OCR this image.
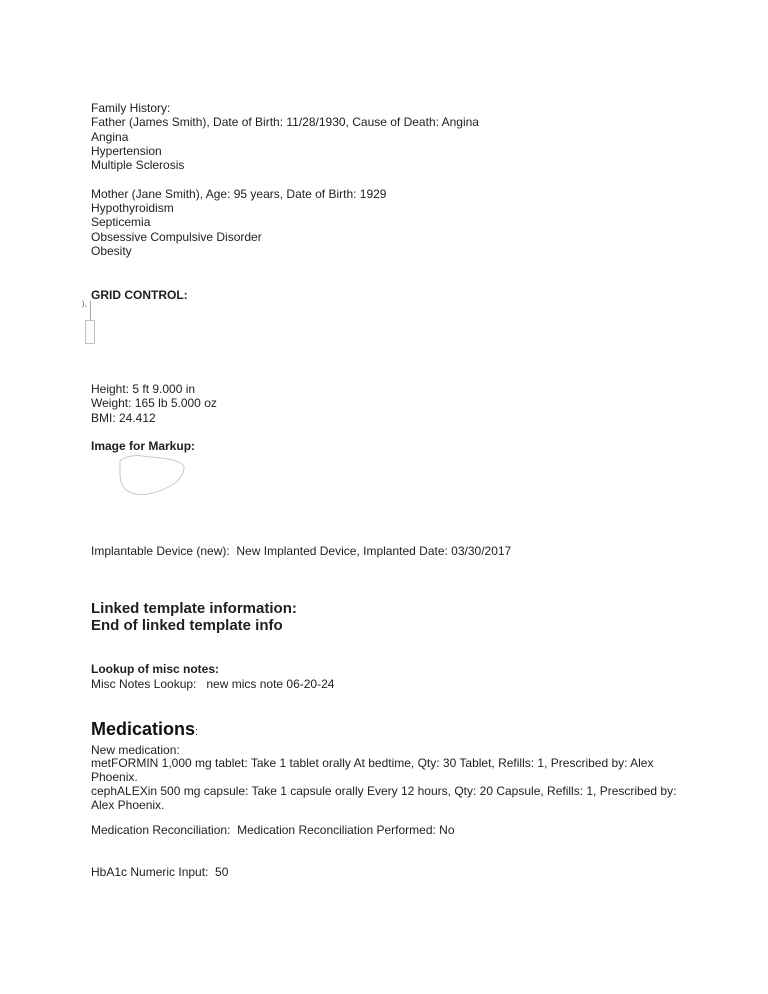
Family History:
Father (James Smith), Date of Birth: 11/28/1930, Cause of Death: Angina
Angina
Hypertension
Multiple Sclerosis
Mother (Jane Smith), Age: 95 years, Date of Birth: 1929
Hypothyroidism
Septicemia
Obsessive Compulsive Disorder
Obesity
GRID CONTROL:
),
Height: 5 ft 9.000 in
Weight: 165 lb 5.000 oz
BMI: 24.412
Image for Markup:
Implantable Device (new):  New Implanted Device, Implanted Date: 03/30/2017
Linked template information:
End of linked template info
Lookup of misc notes:
Misc Notes Lookup:   new mics note 06-20-24
Medications:
New medication:
metFORMIN 1,000 mg tablet: Take 1 tablet orally At bedtime, Qty: 30 Tablet, Refills: 1, Prescribed by: Alex Phoenix.
cephALEXin 500 mg capsule: Take 1 capsule orally Every 12 hours, Qty: 20 Capsule, Refills: 1, Prescribed by: Alex Phoenix.
Medication Reconciliation:  Medication Reconciliation Performed: No
HbA1c Numeric Input:  50
